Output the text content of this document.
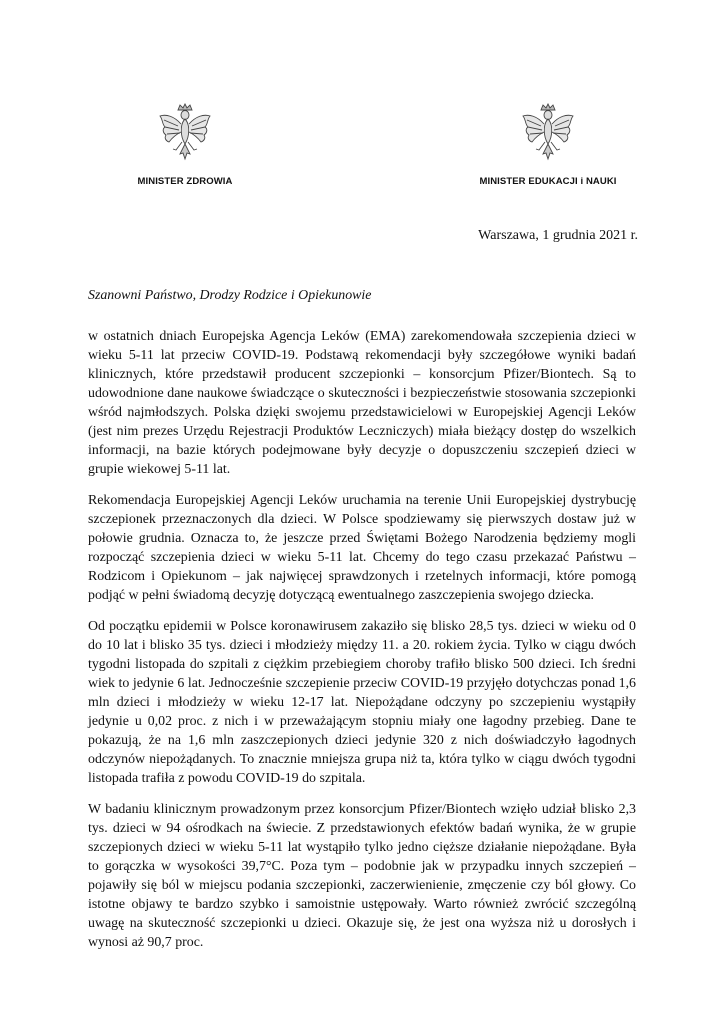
MINISTER ZDROWIA	MINISTER EDUKACJI i NAUKI
Warszawa, 1 grudnia 2021 r.

Szanowni Państwo, Drodzy Rodzice i Opiekunowie

w ostatnich dniach Europejska Agencja Leków (EMA) zarekomendowała szczepienia dzieci w wieku 5-11 lat przeciw COVID-19. Podstawą rekomendacji były szczegółowe wyniki badań klinicznych, które przedstawił producent szczepionki – konsorcjum Pfizer/Biontech. Są to udowodnione dane naukowe świadczące o skuteczności i bezpieczeństwie stosowania szczepionki wśród najmłodszych. Polska dzięki swojemu przedstawicielowi w Europejskiej Agencji Leków (jest nim prezes Urzędu Rejestracji Produktów Leczniczych) miała bieżący dostęp do wszelkich informacji, na bazie których podejmowane były decyzje o dopuszczeniu szczepień dzieci w grupie wiekowej 5-11 lat.

Rekomendacja Europejskiej Agencji Leków uruchamia na terenie Unii Europejskiej dystrybucję szczepionek przeznaczonych dla dzieci. W Polsce spodziewamy się pierwszych dostaw już w połowie grudnia. Oznacza to, że jeszcze przed Świętami Bożego Narodzenia będziemy mogli rozpocząć szczepienia dzieci w wieku 5-11 lat. Chcemy do tego czasu przekazać Państwu – Rodzicom i Opiekunom – jak najwięcej sprawdzonych i rzetelnych informacji, które pomogą podjąć w pełni świadomą decyzję dotyczącą ewentualnego zaszczepienia swojego dziecka.

Od początku epidemii w Polsce koronawirusem zakaziło się blisko 28,5 tys. dzieci w wieku od 0 do 10 lat i blisko 35 tys. dzieci i młodzieży między 11. a 20. rokiem życia. Tylko w ciągu dwóch tygodni listopada do szpitali z ciężkim przebiegiem choroby trafiło blisko 500 dzieci. Ich średni wiek to jedynie 6 lat. Jednocześnie szczepienie przeciw COVID-19 przyjęło dotychczas ponad 1,6 mln dzieci i młodzieży w wieku 12-17 lat. Niepożądane odczyny po szczepieniu wystąpiły jedynie u 0,02 proc. z nich i w przeważającym stopniu miały one łagodny przebieg. Dane te pokazują, że na 1,6 mln zaszczepionych dzieci jedynie 320 z nich doświadczyło łagodnych odczynów niepożądanych. To znacznie mniejsza grupa niż ta, która tylko w ciągu dwóch tygodni listopada trafiła z powodu COVID-19 do szpitala.

W badaniu klinicznym prowadzonym przez konsorcjum Pfizer/Biontech wzięło udział blisko 2,3 tys. dzieci w 94 ośrodkach na świecie. Z przedstawionych efektów badań wynika, że w grupie szczepionych dzieci w wieku 5-11 lat wystąpiło tylko jedno cięższe działanie niepożądane. Była to gorączka w wysokości 39,7°C. Poza tym – podobnie jak w przypadku innych szczepień – pojawiły się ból w miejscu podania szczepionki, zaczerwienienie, zmęczenie czy ból głowy. Co istotne objawy te bardzo szybko i samoistnie ustępowały. Warto również zwrócić szczególną uwagę na skuteczność szczepionki u dzieci. Okazuje się, że jest ona wyższa niż u dorosłych i wynosi aż 90,7 proc.
